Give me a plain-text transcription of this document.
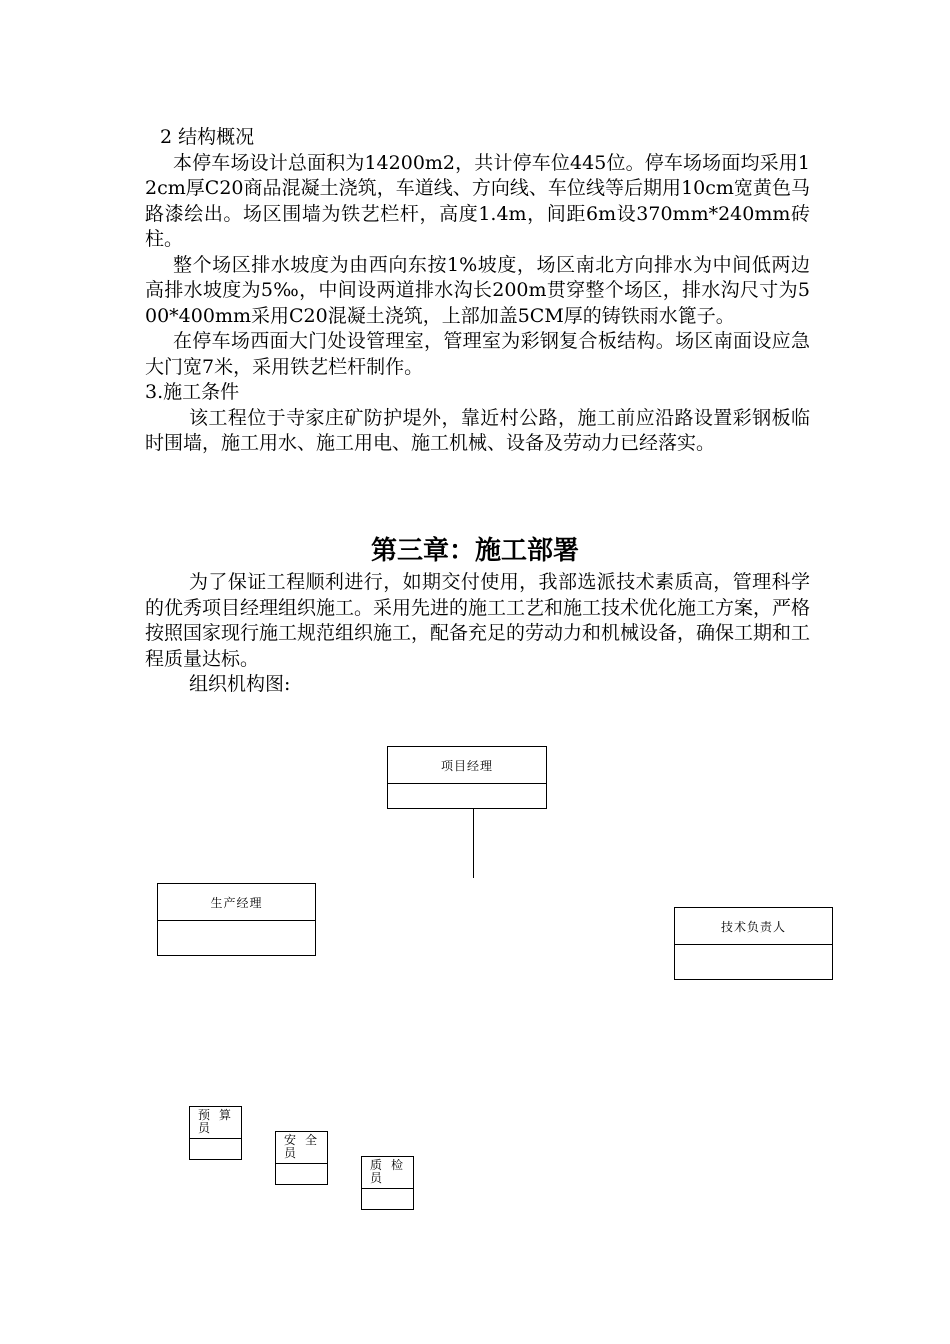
2 结构概况

本停车场设计总面积为14200m2，共计停车位445位。停车场场面均采用12cm厚C20商品混凝土浇筑，车道线、方向线、车位线等后期用10cm宽黄色马路漆绘出。场区围墙为铁艺栏杆，高度1.4m，间距6m设370mm*240mm砖柱。

整个场区排水坡度为由西向东按1%坡度，场区南北方向排水为中间低两边高排水坡度为5‰，中间设两道排水沟长200m贯穿整个场区，排水沟尺寸为500*400mm采用C20混凝土浇筑，上部加盖5CM厚的铸铁雨水篦子。

在停车场西面大门处设管理室，管理室为彩钢复合板结构。场区南面设应急大门宽7米，采用铁艺栏杆制作。

3.施工条件

该工程位于寺家庄矿防护堤外，靠近村公路，施工前应沿路设置彩钢板临时围墙，施工用水、施工用电、施工机械、设备及劳动力已经落实。

第三章：施工部署

为了保证工程顺利进行，如期交付使用，我部选派技术素质高，管理科学的优秀项目经理组织施工。采用先进的施工工艺和施工技术优化施工方案，严格按照国家现行施工规范组织施工，配备充足的劳动力和机械设备，确保工期和工程质量达标。

组织机构图:

项目经理
生产经理
技术负责人
预算员
安全员
质检员
